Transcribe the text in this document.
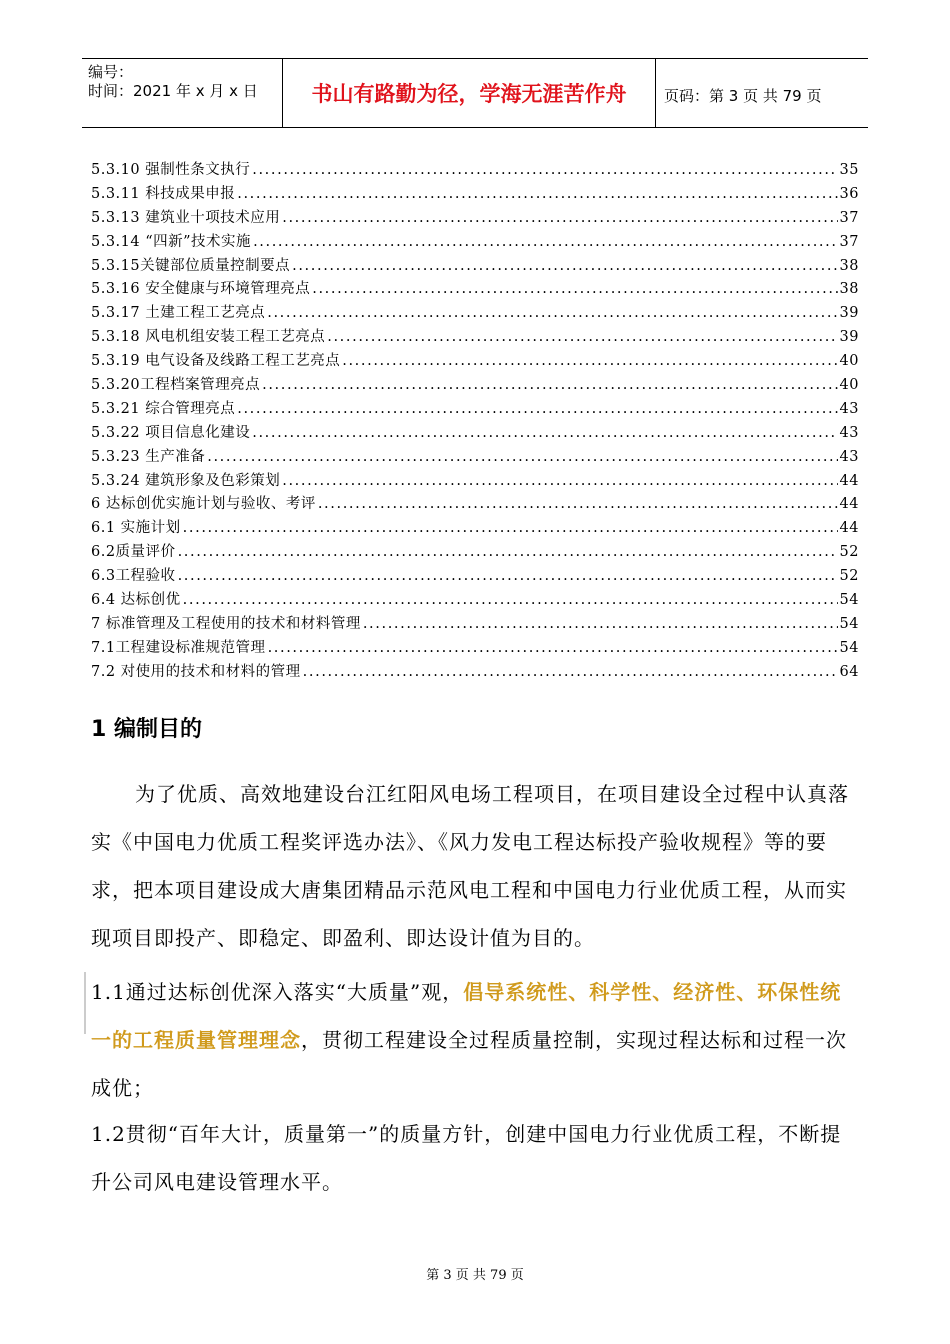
编号：
时间：2021 年 x 月 x 日	书山有路勤为径，学海无涯苦作舟	页码：第 3 页 共 79 页
5.3.10 强制性条文执行 . . .	35
5.3.11 科技成果申报 . . .	36
5.3.13 建筑业十项技术应用 . . .	37
5.3.14 “四新”技术实施 . . .	37
5.3.15关键部位质量控制要点 . . .	38
5.3.16 安全健康与环境管理亮点 . . .	38
5.3.17 土建工程工艺亮点 . . .	39
5.3.18 风电机组安装工程工艺亮点 . . .	39
5.3.19 电气设备及线路工程工艺亮点 . . .	40
5.3.20工程档案管理亮点 . . .	40
5.3.21 综合管理亮点 . . .	43
5.3.22 项目信息化建设 . . .	43
5.3.23 生产准备 . . .	43
5.3.24 建筑形象及色彩策划 . . .	44
6 达标创优实施计划与验收、考评 . . .	44
6.1 实施计划 . . .	44
6.2质量评价 . . .	52
6.3工程验收 . . .	52
6.4 达标创优 . . .	54
7 标准管理及工程使用的技术和材料管理 . . .	54
7.1工程建设标准规范管理 . . .	54
7.2 对使用的技术和材料的管理 . . .	64
1 编制目的
为了优质、高效地建设台江红阳风电场工程项目，在项目建设全过程中认真落实《中国电力优质工程奖评选办法》、《风力发电工程达标投产验收规程》等的要求，把本项目建设成大唐集团精品示范风电工程和中国电力行业优质工程，从而实现项目即投产、即稳定、即盈利、即达设计值为目的。
1.1通过达标创优深入落实“大质量”观，倡导系统性、科学性、经济性、环保性统一的工程质量管理理念，贯彻工程建设全过程质量控制，实现过程达标和过程一次成优；
1.2贯彻“百年大计，质量第一”的质量方针，创建中国电力行业优质工程，不断提升公司风电建设管理水平。
第 3 页 共 79 页
